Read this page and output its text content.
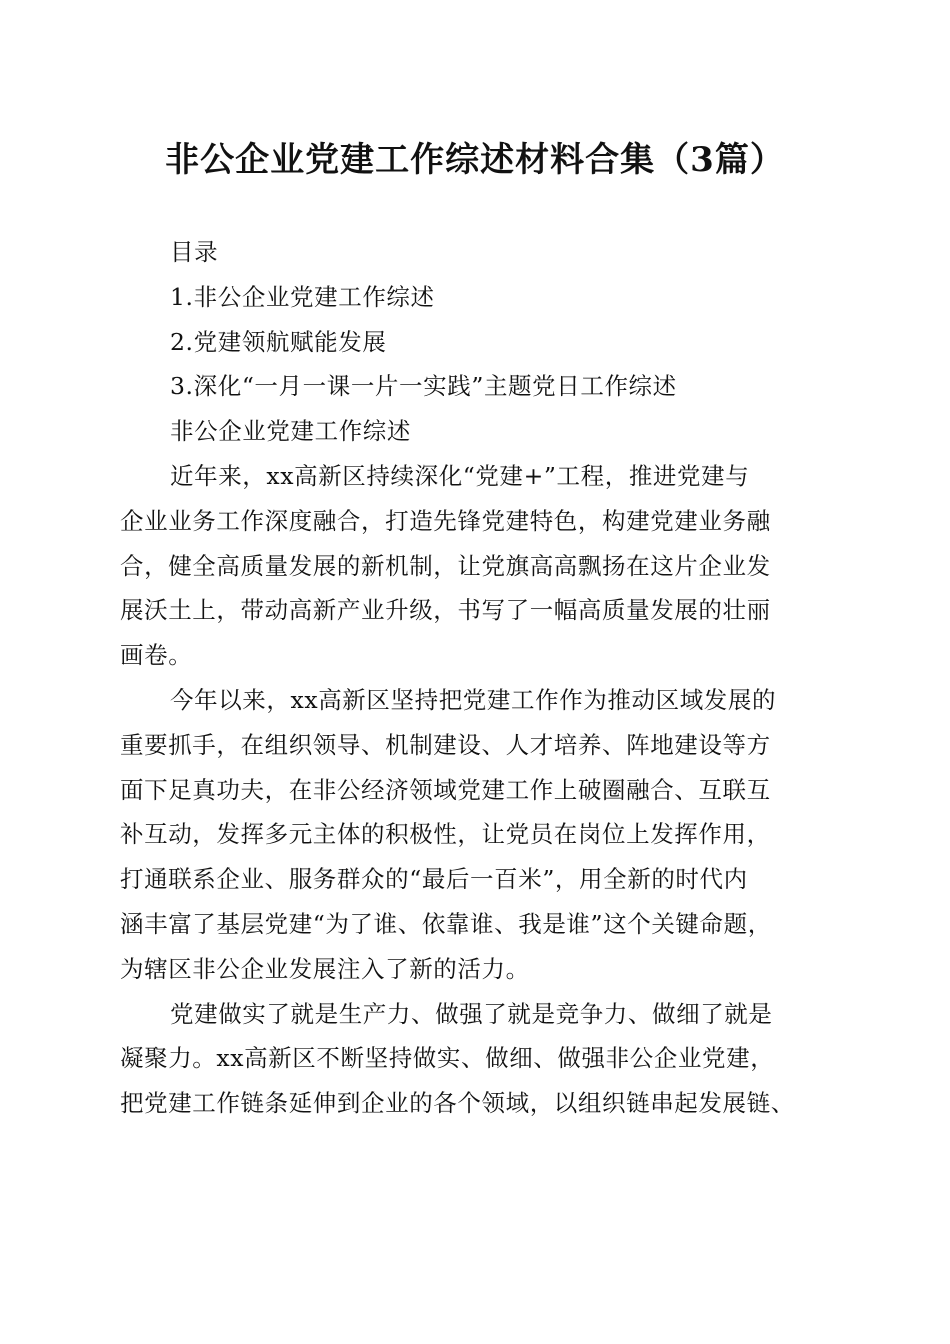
非公企业党建工作综述材料合集（3篇）
目录
1.非公企业党建工作综述
2.党建领航赋能发展
3.深化“一月一课一片一实践”主题党日工作综述
非公企业党建工作综述
近年来，xx高新区持续深化“党建+”工程，推进党建与
企业业务工作深度融合，打造先锋党建特色，构建党建业务融
合，健全高质量发展的新机制，让党旗高高飘扬在这片企业发
展沃土上，带动高新产业升级，书写了一幅高质量发展的壮丽
画卷。
今年以来，xx高新区坚持把党建工作作为推动区域发展的
重要抓手，在组织领导、机制建设、人才培养、阵地建设等方
面下足真功夫，在非公经济领域党建工作上破圈融合、互联互
补互动，发挥多元主体的积极性，让党员在岗位上发挥作用，
打通联系企业、服务群众的“最后一百米”，用全新的时代内
涵丰富了基层党建“为了谁、依靠谁、我是谁”这个关键命题，
为辖区非公企业发展注入了新的活力。
党建做实了就是生产力、做强了就是竞争力、做细了就是
凝聚力。xx高新区不断坚持做实、做细、做强非公企业党建，
把党建工作链条延伸到企业的各个领域，以组织链串起发展链、
